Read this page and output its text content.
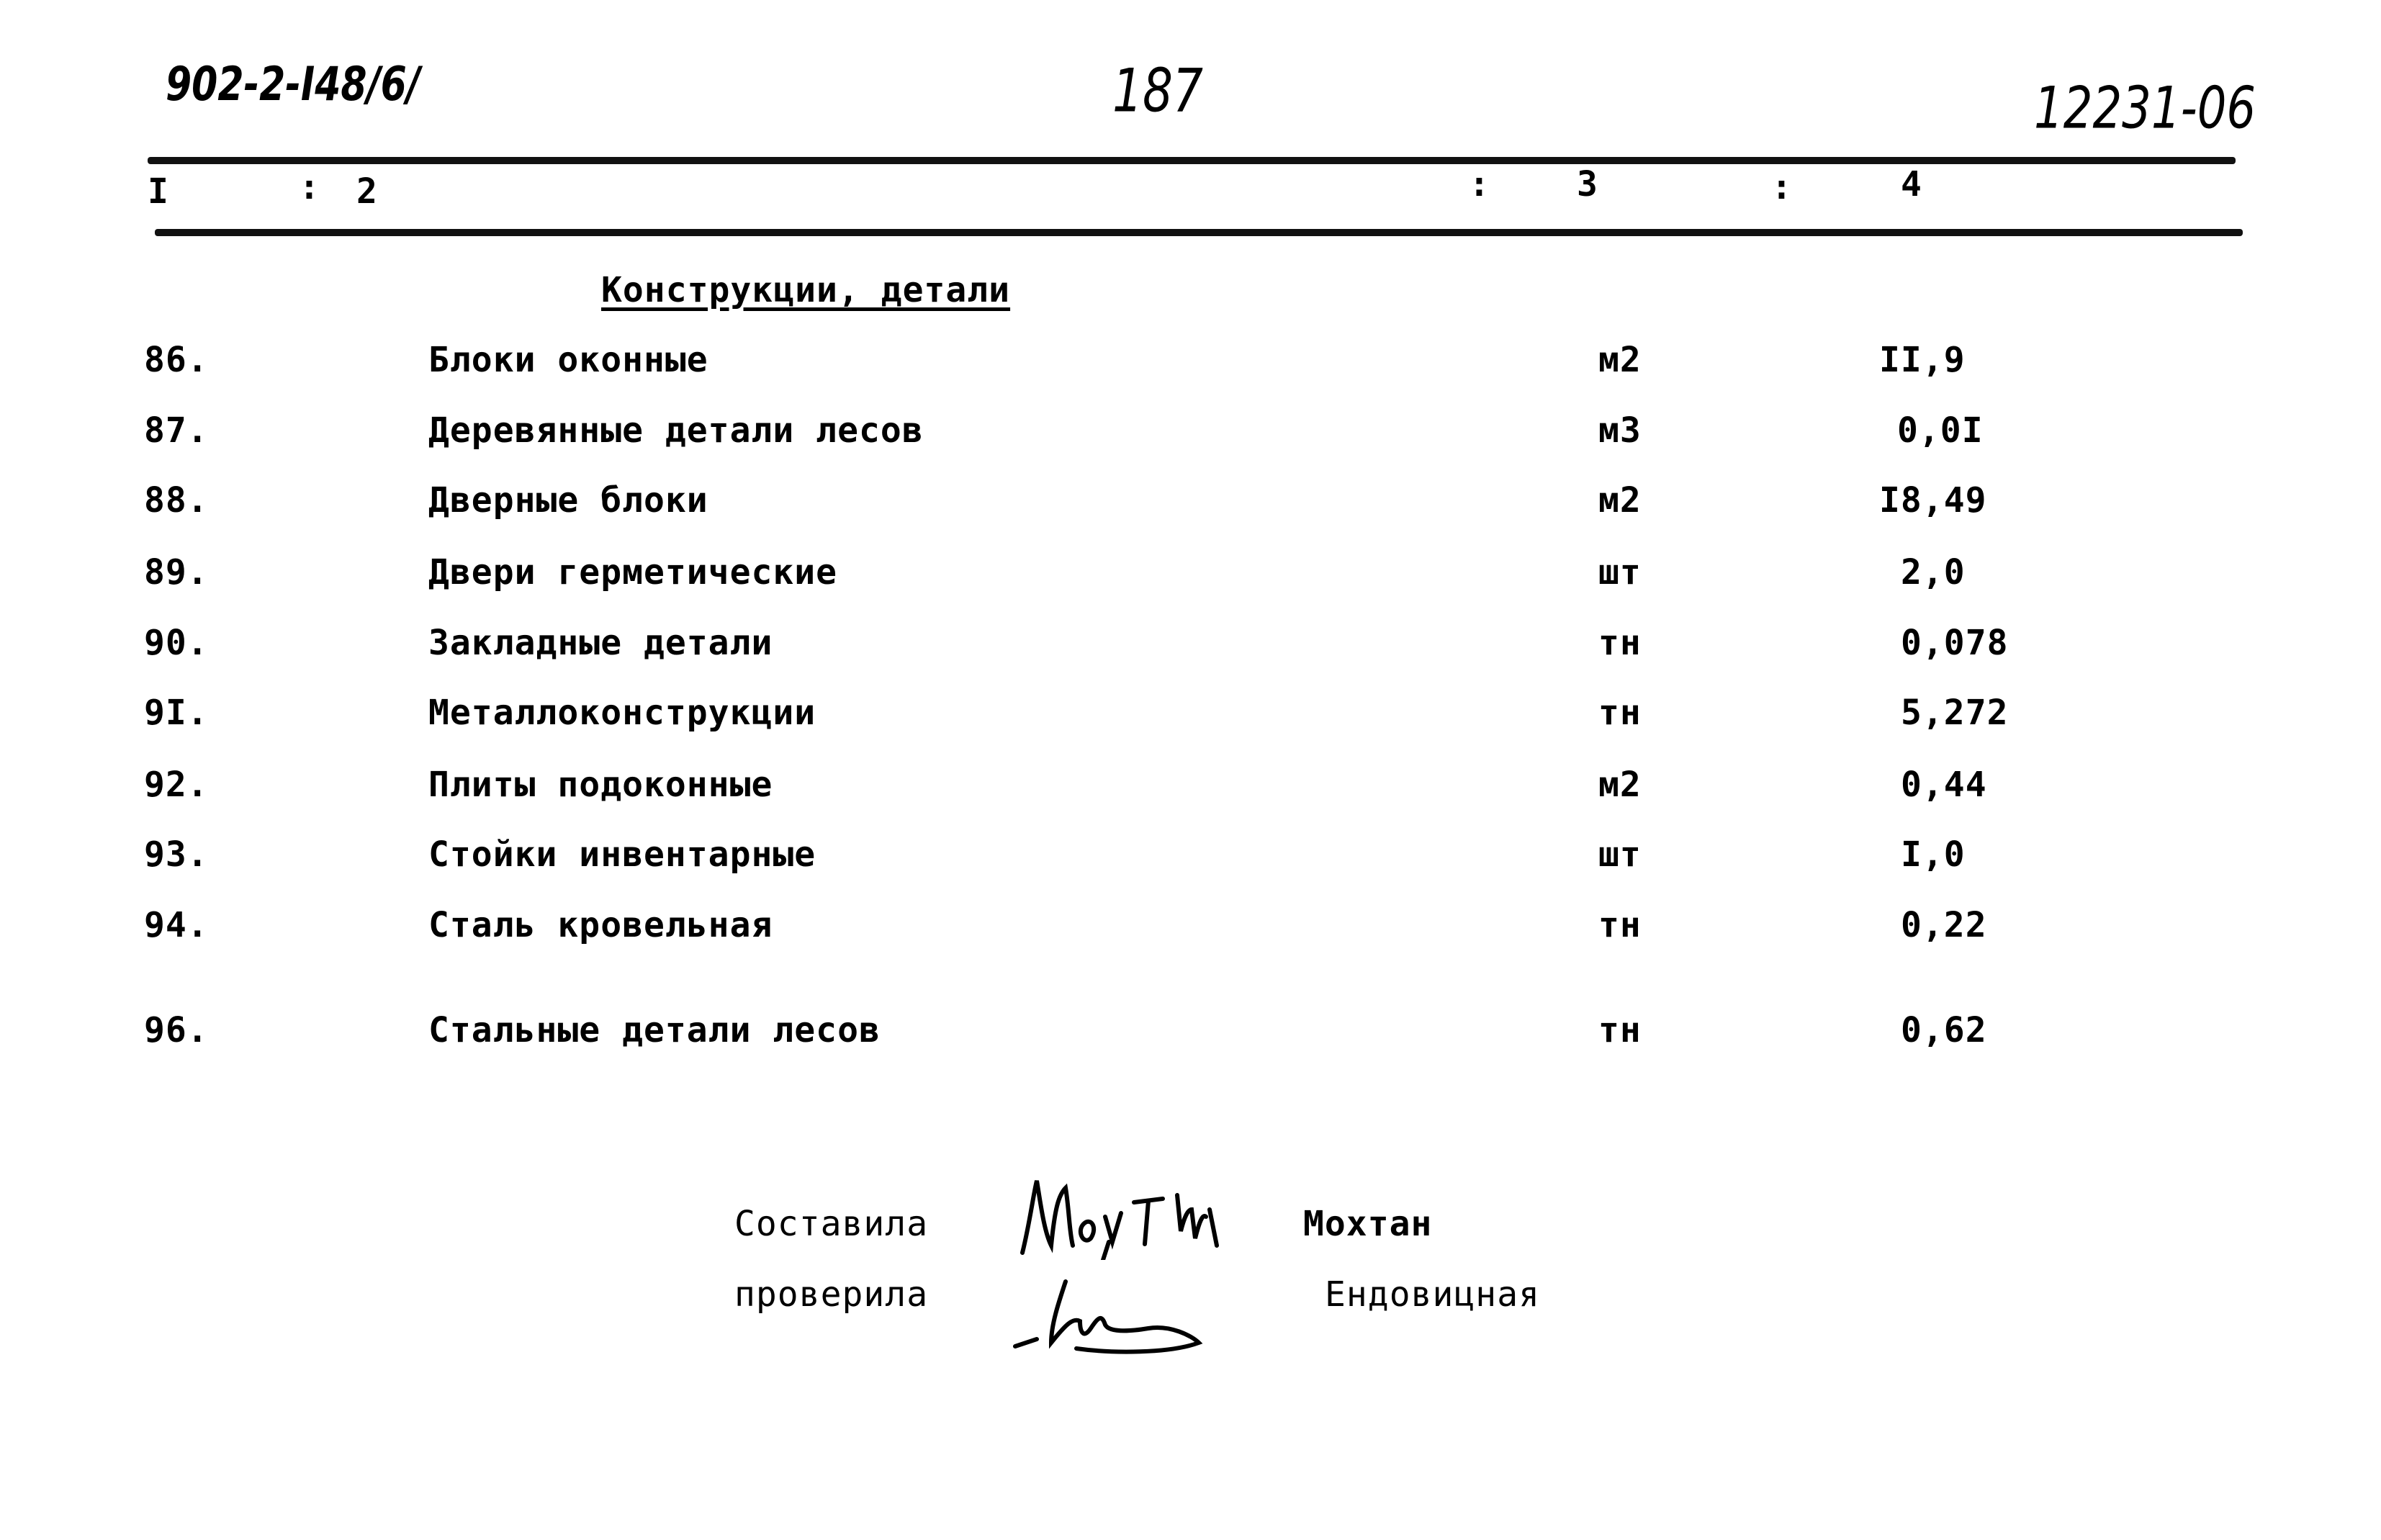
902-2-I48/6/	187	12231-06
I	: 2	:	3	:	4
Конструкции, детали
86.	Блоки оконные	м2	II,9
87.	Деревянные детали лесов	м3	0,0I
88.	Дверные блоки	м2	I8,49
89.	Двери герметические	шт	2,0
90.	Закладные детали	тн	0,078
9I.	Металлоконструкции	тн	5,272
92.	Плиты подоконные	м2	0,44
93.	Стойки инвентарные	шт	I,0
94.	Сталь кровельная	тн	0,22
96.	Стальные детали лесов	тн	0,62
Составила	Мохтан
проверила	Ендовицная
